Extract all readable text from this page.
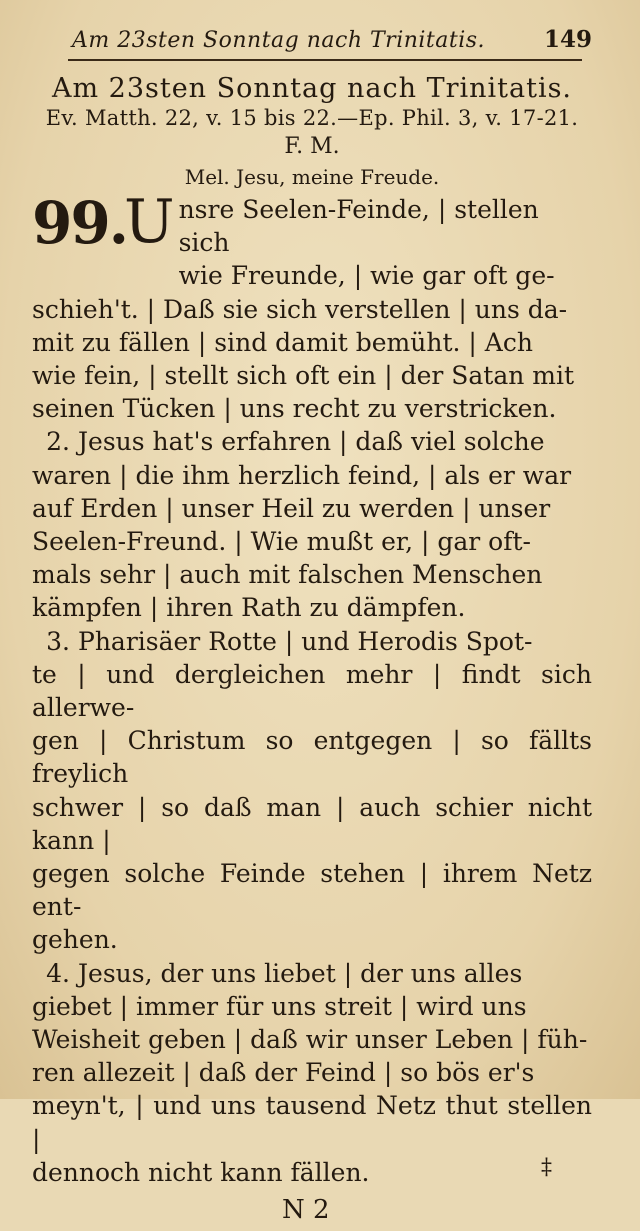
Am 23sten Sonntag nach Trinitatis.	149
Am 23sten Sonntag nach Trinitatis.
Ev. Matth. 22, v. 15 bis 22.—Ep. Phil. 3, v. 17-21.
F. M.
Mel. Jesu, meine Freude.
99.
U nsre Seelen-Feinde, | stellen sich
wie Freunde, | wie gar oft ge-
schieh't. | Daß sie sich verstellen | uns da-
mit zu fällen | sind damit bemüht. | Ach
wie fein, | stellt sich oft ein | der Satan mit
seinen Tücken | uns recht zu verstricken.
2. Jesus hat's erfahren | daß viel solche
waren | die ihm herzlich feind, | als er war
auf Erden | unser Heil zu werden | unser
Seelen-Freund. | Wie mußt er, | gar oft-
mals sehr | auch mit falschen Menschen
kämpfen | ihren Rath zu dämpfen.
3. Pharisäer Rotte | und Herodis Spot-
te | und dergleichen mehr | findt sich allerwe-
gen | Christum so entgegen | so fällts freylich
schwer | so daß man | auch schier nicht kann |
gegen solche Feinde stehen | ihrem Netz ent-
gehen.
4. Jesus, der uns liebet | der uns alles
giebet | immer für uns streit | wird uns
Weisheit geben | daß wir unser Leben | füh-
ren allezeit | daß der Feind | so bös er's
meyn't, | und uns tausend Netz thut stellen |
dennoch nicht kann fällen.
N 2
‡
